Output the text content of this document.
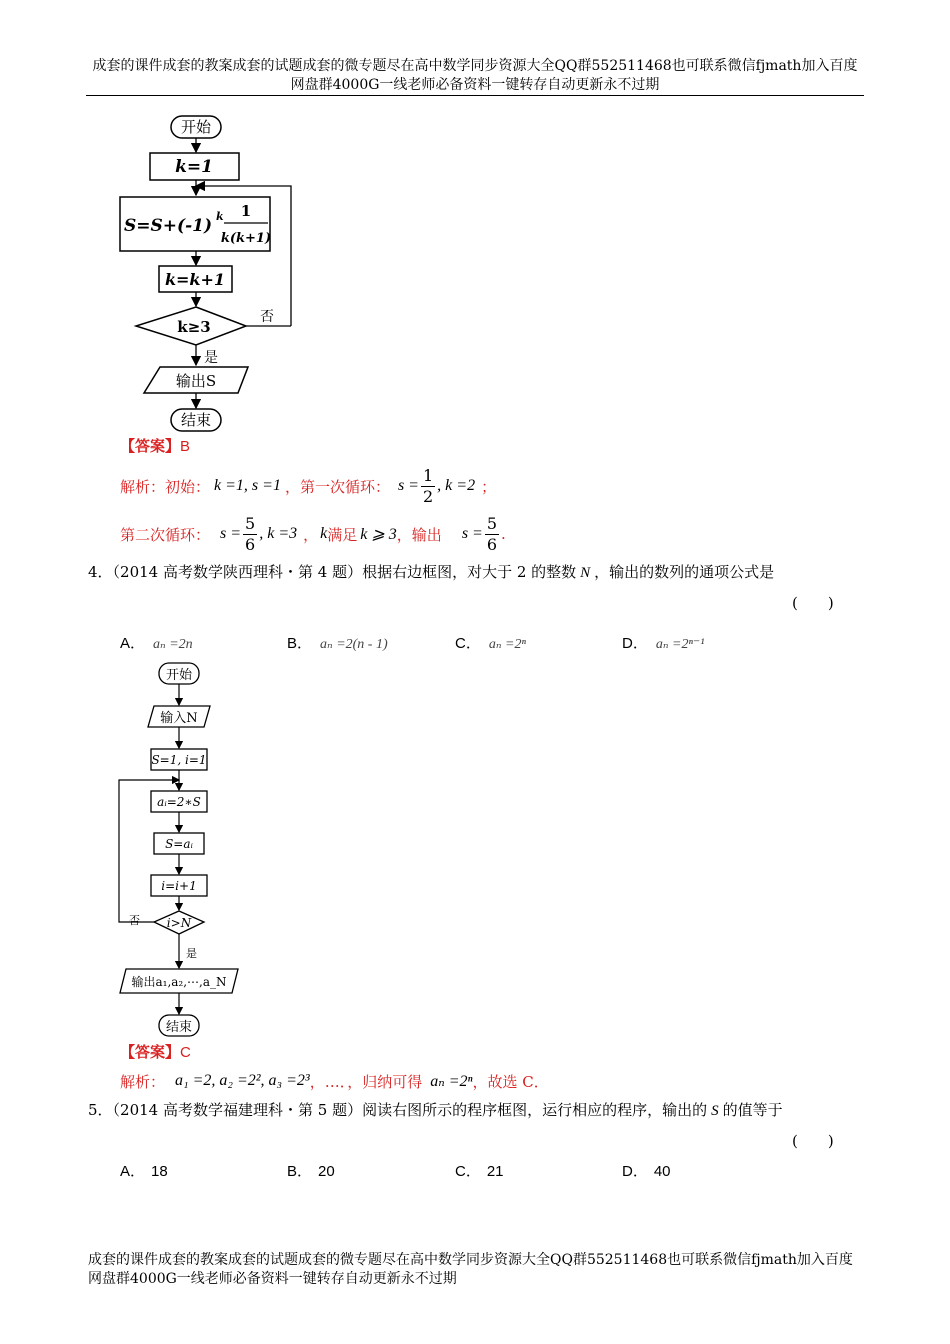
成套的课件成套的教案成套的试题成套的微专题尽在高中数学同步资源大全QQ群552511468也可联系微信fjmath加入百度
网盘群4000G一线老师必备资料一键转存自动更新永不过期
开始
k=1
S=S+(-1) k 1
k(k+1)
k=k+1
k≥3
否
是
输出S
结束
【答案】B
解析：初始： k =1, s =1 ，第一次循环： $s = \frac{1}{2}$ , k =2 ；
第二次循环： $s = \frac{5}{6}$ , k =3 ， k 满足 k ⩾ 3 ，输出 $s = \frac{5}{6}$ .
4．（2014 高考数学陕西理科・第 4 题）根据右边框图，对大于 2 的整数 N ，输出的数列的通项公式是
(　　)
A． aₙ =2n	B． aₙ =2(n - 1)	C． aₙ =2ⁿ	D． aₙ =2ⁿ⁻¹
开始
输入N
S=1, i=1
aᵢ=2∗S
S=aᵢ
i=i+1
i>N
否
是
输出a₁,a₂,⋯,a_N
结束
【答案】C
解析： a₁ =2, a₂ =2², a₃ =2³ ，…．，归纳可得 aₙ =2ⁿ ，故选 C．
5．（2014 高考数学福建理科・第 5 题）阅读右图所示的程序框图，运行相应的程序，输出的 S 的值等于
(　　)
A． 18	B． 20	C． 21	D． 40
成套的课件成套的教案成套的试题成套的微专题尽在高中数学同步资源大全QQ群552511468也可联系微信fjmath加入百度
网盘群4000G一线老师必备资料一键转存自动更新永不过期
